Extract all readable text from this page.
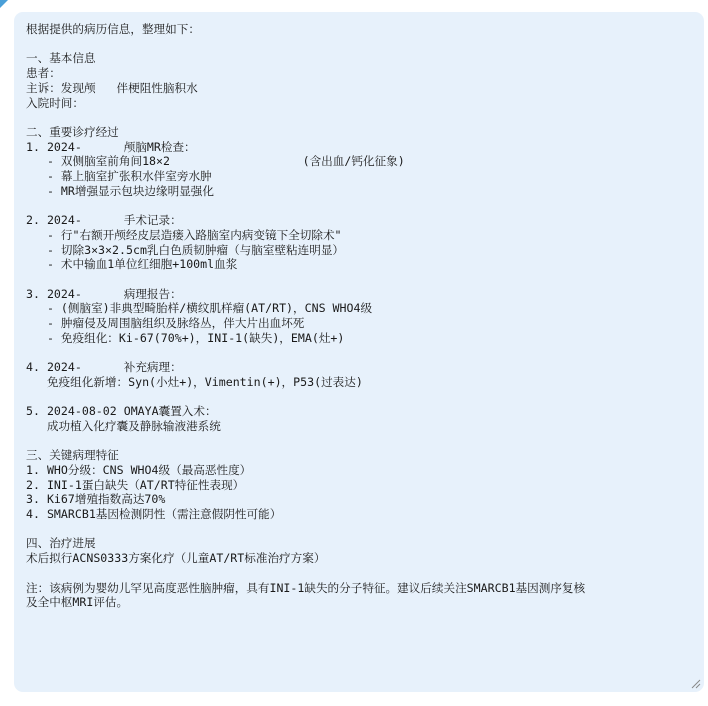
根据提供的病历信息，整理如下：
一、基本信息
患者：
主诉：发现颅   伴梗阻性脑积水
入院时间：
二、重要诊疗经过
1. 2024-      颅脑MR检查：
- 双侧脑室前角间18×2                   (含出血/钙化征象)
- 幕上脑室扩张积水伴室旁水肿
- MR增强显示包块边缘明显强化
2. 2024-      手术记录：
- 行"右额开颅经皮层造瘘入路脑室内病变镜下全切除术"
- 切除3×3×2.5cm乳白色质韧肿瘤（与脑室壁粘连明显）
- 术中输血1单位红细胞+100ml血浆
3. 2024-      病理报告：
- (侧脑室)非典型畸胎样/横纹肌样瘤(AT/RT)，CNS WHO4级
- 肿瘤侵及周围脑组织及脉络丛，伴大片出血坏死
- 免疫组化：Ki-67(70%+)，INI-1(缺失)，EMA(灶+)
4. 2024-      补充病理：
免疫组化新增：Syn(小灶+)，Vimentin(+)，P53(过表达)
5. 2024-08-02 OMAYA囊置入术：
成功植入化疗囊及静脉输液港系统
三、关键病理特征
1. WHO分级：CNS WHO4级（最高恶性度）
2. INI-1蛋白缺失（AT/RT特征性表现）
3. Ki67增殖指数高达70%
4. SMARCB1基因检测阴性（需注意假阴性可能）
四、治疗进展
术后拟行ACNS0333方案化疗（儿童AT/RT标准治疗方案）
注：该病例为婴幼儿罕见高度恶性脑肿瘤，具有INI-1缺失的分子特征。建议后续关注SMARCB1基因测序复核
及全中枢MRI评估。
